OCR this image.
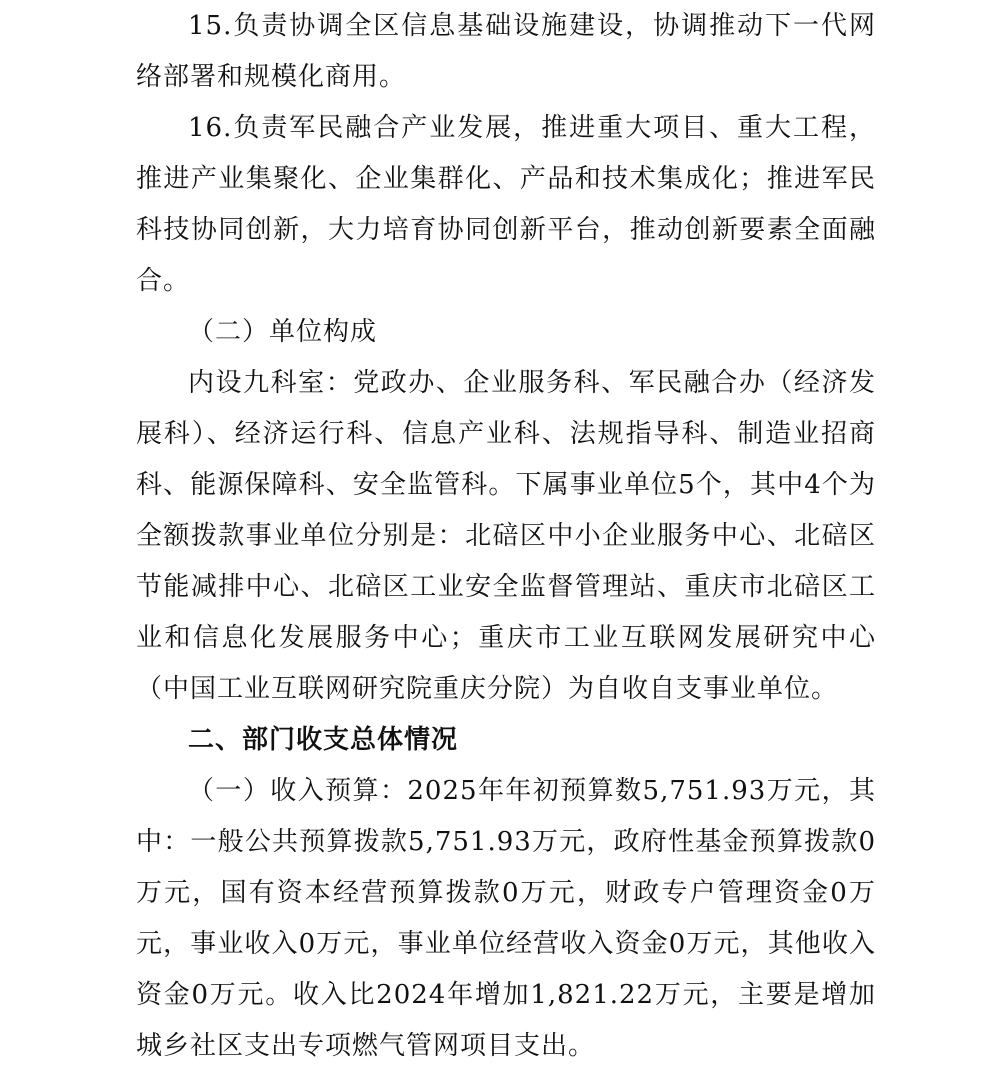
15.负责协调全区信息基础设施建设，协调推动下一代网络部署和规模化商用。

16.负责军民融合产业发展，推进重大项目、重大工程，推进产业集聚化、企业集群化、产品和技术集成化；推进军民科技协同创新，大力培育协同创新平台，推动创新要素全面融合。

（二）单位构成

内设九科室：党政办、企业服务科、军民融合办（经济发展科）、经济运行科、信息产业科、法规指导科、制造业招商科、能源保障科、安全监管科。下属事业单位5个，其中4个为全额拨款事业单位分别是：北碚区中小企业服务中心、北碚区节能减排中心、北碚区工业安全监督管理站、重庆市北碚区工业和信息化发展服务中心；重庆市工业互联网发展研究中心（中国工业互联网研究院重庆分院）为自收自支事业单位。

二、部门收支总体情况

（一）收入预算：2025年年初预算数5,751.93万元，其中：一般公共预算拨款5,751.93万元，政府性基金预算拨款0万元，国有资本经营预算拨款0万元，财政专户管理资金0万元，事业收入0万元，事业单位经营收入资金0万元，其他收入资金0万元。收入比2024年增加1,821.22万元，主要是增加城乡社区支出专项燃气管网项目支出。
